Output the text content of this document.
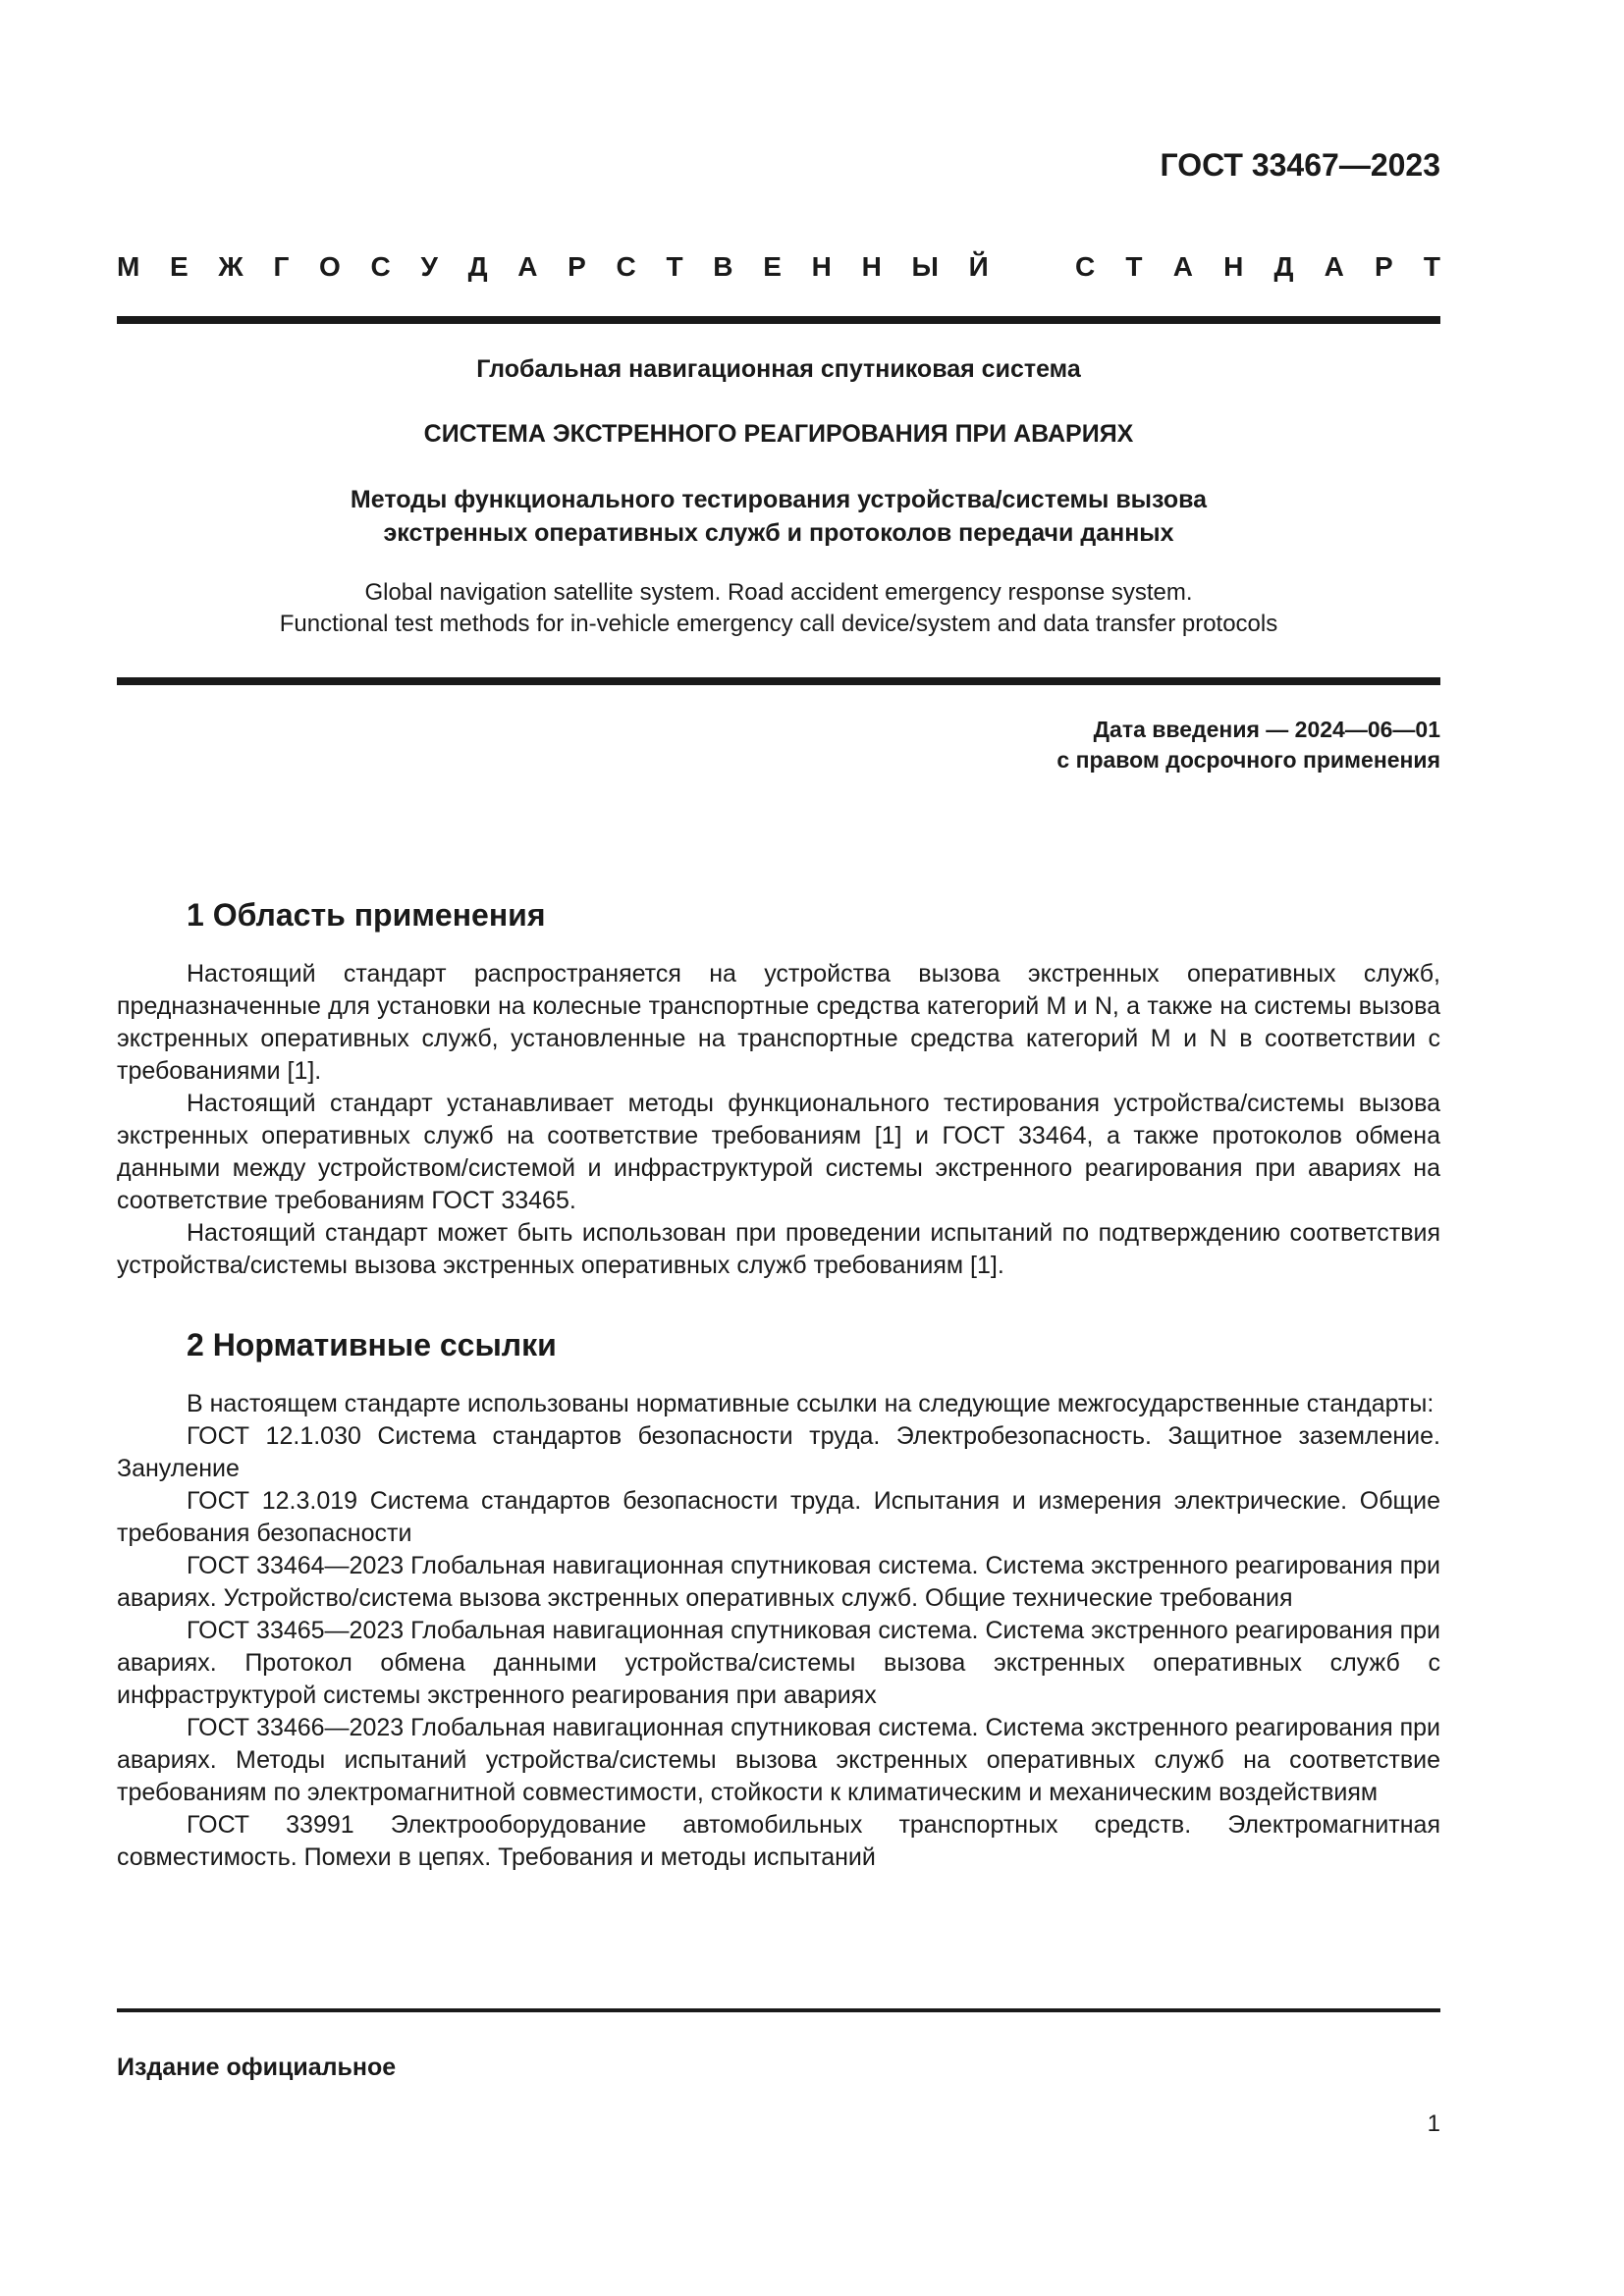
ГОСТ 33467—2023
М Е Ж Г О С У Д А Р С Т В Е Н Н Ы Й	С Т А Н Д А Р Т
Глобальная навигационная спутниковая система
СИСТЕМА ЭКСТРЕННОГО РЕАГИРОВАНИЯ ПРИ АВАРИЯХ
Методы функционального тестирования устройства/системы вызова
экстренных оперативных служб и протоколов передачи данных
Global navigation satellite system. Road accident emergency response system.
Functional test methods for in-vehicle emergency call device/system and data transfer protocols
Дата введения — 2024—06—01
с правом досрочного применения
1 Область применения

Настоящий стандарт распространяется на устройства вызова экстренных оперативных служб, предназначенные для установки на колесные транспортные средства категорий M и N, а также на системы вызова экстренных оперативных служб, установленные на транспортные средства категорий M и N в соответствии с требованиями [1].

Настоящий стандарт устанавливает методы функционального тестирования устройства/системы вызова экстренных оперативных служб на соответствие требованиям [1] и ГОСТ 33464, а также протоколов обмена данными между устройством/системой и инфраструктурой системы экстренного реагирования при авариях на соответствие требованиям ГОСТ 33465.

Настоящий стандарт может быть использован при проведении испытаний по подтверждению соответствия устройства/системы вызова экстренных оперативных служб требованиям [1].

2 Нормативные ссылки

В настоящем стандарте использованы нормативные ссылки на следующие межгосударственные стандарты:

ГОСТ 12.1.030 Система стандартов безопасности труда. Электробезопасность. Защитное заземление. Зануление

ГОСТ 12.3.019 Система стандартов безопасности труда. Испытания и измерения электрические. Общие требования безопасности

ГОСТ 33464—2023 Глобальная навигационная спутниковая система. Система экстренного реагирования при авариях. Устройство/система вызова экстренных оперативных служб. Общие технические требования

ГОСТ 33465—2023 Глобальная навигационная спутниковая система. Система экстренного реагирования при авариях. Протокол обмена данными устройства/системы вызова экстренных оперативных служб с инфраструктурой системы экстренного реагирования при авариях

ГОСТ 33466—2023 Глобальная навигационная спутниковая система. Система экстренного реагирования при авариях. Методы испытаний устройства/системы вызова экстренных оперативных служб на соответствие требованиям по электромагнитной совместимости, стойкости к климатическим и механическим воздействиям

ГОСТ 33991 Электрооборудование автомобильных транспортных средств. Электромагнитная совместимость. Помехи в цепях. Требования и методы испытаний

Издание официальное
1
